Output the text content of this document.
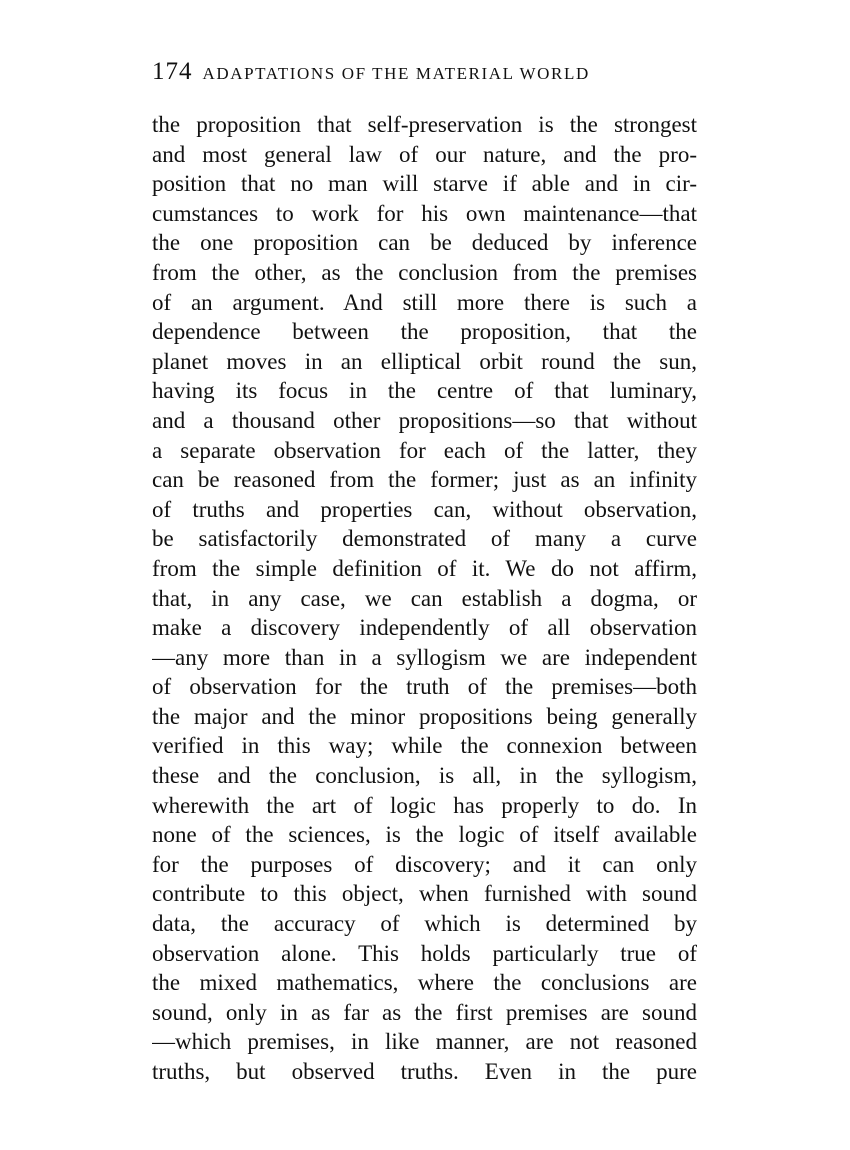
174 ADAPTATIONS OF THE MATERIAL WORLD
the proposition that self-preservation is the strongest
and most general law of our nature, and the pro-
position that no man will starve if able and in cir-
cumstances to work for his own maintenance—that
the one proposition can be deduced by inference
from the other, as the conclusion from the premises
of an argument. And still more there is such a
dependence between the proposition, that the
planet moves in an elliptical orbit round the sun,
having its focus in the centre of that luminary,
and a thousand other propositions—so that without
a separate observation for each of the latter, they
can be reasoned from the former; just as an infinity
of truths and properties can, without observation,
be satisfactorily demonstrated of many a curve
from the simple definition of it. We do not affirm,
that, in any case, we can establish a dogma, or
make a discovery independently of all observation
—any more than in a syllogism we are independent
of observation for the truth of the premises—both
the major and the minor propositions being generally
verified in this way; while the connexion between
these and the conclusion, is all, in the syllogism,
wherewith the art of logic has properly to do. In
none of the sciences, is the logic of itself available
for the purposes of discovery; and it can only
contribute to this object, when furnished with sound
data, the accuracy of which is determined by
observation alone. This holds particularly true of
the mixed mathematics, where the conclusions are
sound, only in as far as the first premises are sound
—which premises, in like manner, are not reasoned
truths, but observed truths. Even in the pure
